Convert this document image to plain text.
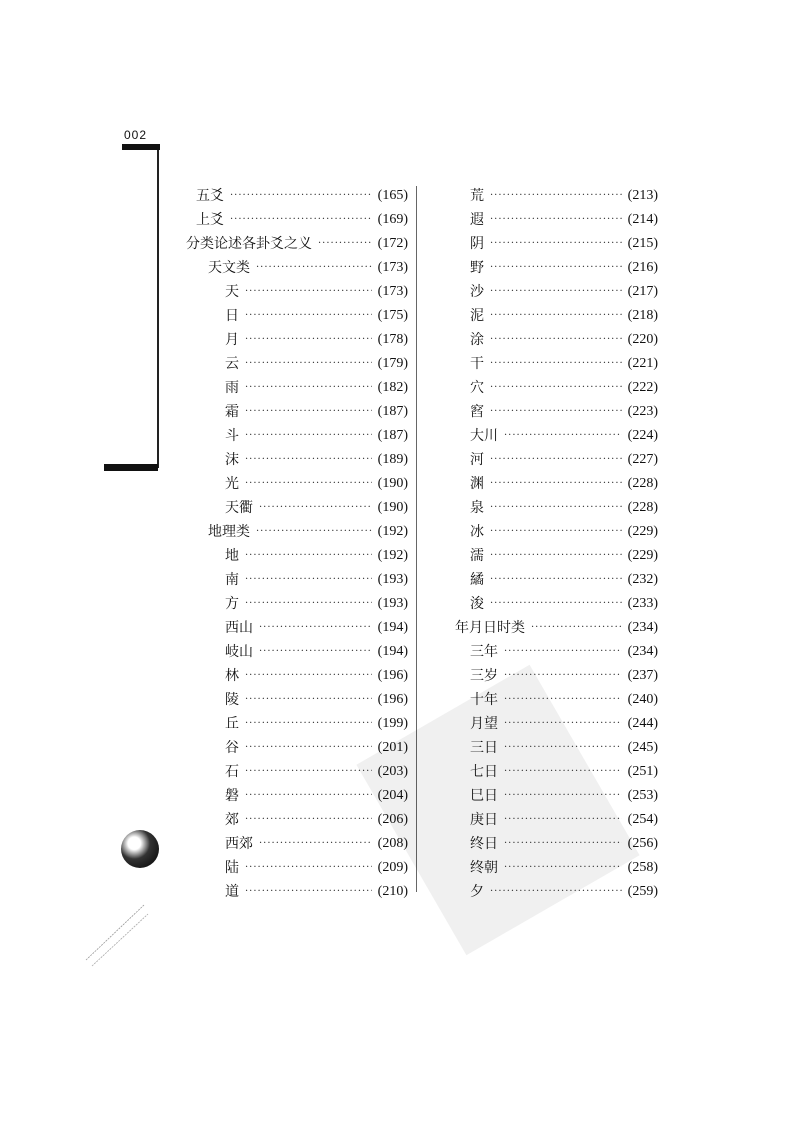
002
五爻 ·····	(165)
上爻 ·····	(169)
分类论述各卦爻之义 ·····	(172)
天文类 ·····	(173)
天 ·····	(173)
日 ·····	(175)
月 ·····	(178)
云 ·····	(179)
雨 ·····	(182)
霜 ·····	(187)
斗 ·····	(187)
沫 ·····	(189)
光 ·····	(190)
天衢 ·····	(190)
地理类 ·····	(192)
地 ·····	(192)
南 ·····	(193)
方 ·····	(193)
西山 ·····	(194)
岐山 ·····	(194)
林 ·····	(196)
陵 ·····	(196)
丘 ·····	(199)
谷 ·····	(201)
石 ·····	(203)
磐 ·····	(204)
郊 ·····	(206)
西郊 ·····	(208)
陆 ·····	(209)
道 ·····	(210)
荒 ·····	(213)
遐 ·····	(214)
阴 ·····	(215)
野 ·····	(216)
沙 ·····	(217)
泥 ·····	(218)
涂 ·····	(220)
干 ·····	(221)
穴 ·····	(222)
窞 ·····	(223)
大川 ·····	(224)
河 ·····	(227)
渊 ·····	(228)
泉 ·····	(228)
冰 ·····	(229)
濡 ·····	(229)
繘 ·····	(232)
浚 ·····	(233)
年月日时类 ·····	(234)
三年 ·····	(234)
三岁 ·····	(237)
十年 ·····	(240)
月望 ·····	(244)
三日 ·····	(245)
七日 ·····	(251)
巳日 ·····	(253)
庚日 ·····	(254)
终日 ·····	(256)
终朝 ·····	(258)
夕 ·····	(259)
